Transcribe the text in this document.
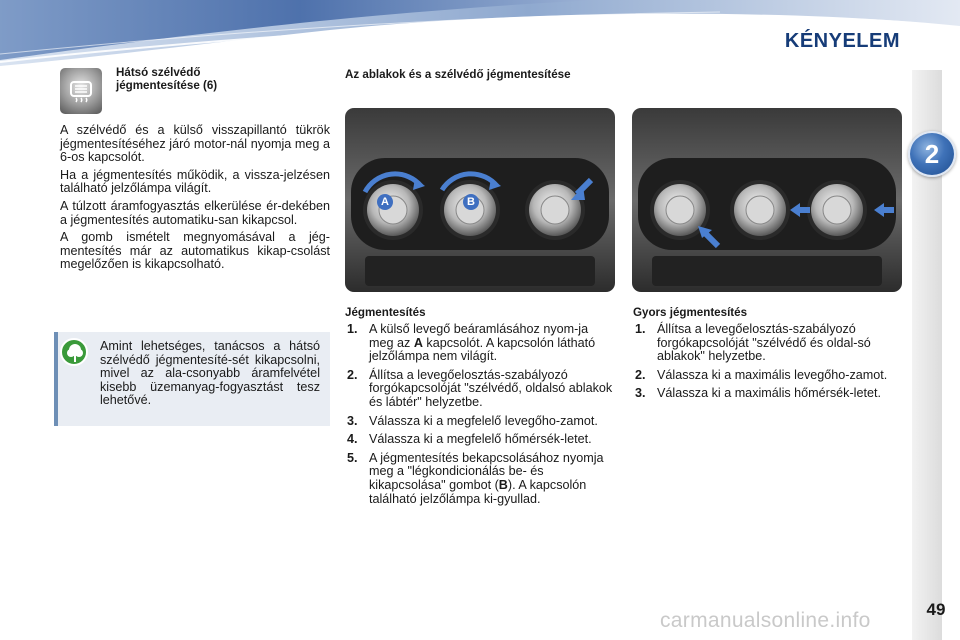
KÉNYELEM
2
49
Hátsó szélvédő
jégmentesítése (6)

A szélvédő és a külső visszapillantó tükrök jégmentesítéséhez járó motor-nál nyomja meg a 6-os kapcsolót.

Ha a jégmentesítés működik, a vissza-jelzésen található jelzőlámpa világít.

A túlzott áramfogyasztás elkerülése ér-dekében a jégmentesítés automatiku-san kikapcsol.

A gomb ismételt megnyomásával a jég-mentesítés már az automatikus kikap-csolást megelőzően is kikapcsolható.

Amint lehetséges, tanácsos a hátsó szélvédő jégmentesíté-sét kikapcsolni, mivel az ala-csonyabb áramfelvétel kisebb üzemanyag-fogyasztást tesz lehetővé.
Az ablakok és a szélvédő jégmentesítése
A	B
Jégmentesítés
1. A külső levegő beáramlásához nyom-ja meg az A kapcsolót. A kapcsolón látható jelzőlámpa nem világít.
2. Állítsa a levegőelosztás-szabályozó forgókapcsolóját "szélvédő, oldalsó ablakok és lábtér" helyzetbe.
3. Válassza ki a megfelelő levegőho-zamot.
4. Válassza ki a megfelelő hőmérsék-letet.
5. A jégmentesítés bekapcsolásához nyomja meg a "légkondicionálás be- és kikapcsolása" gombot (B). A kapcsolón található jelzőlámpa ki-gyullad.
Gyors jégmentesítés
1. Állítsa a levegőelosztás-szabályozó forgókapcsolóját "szélvédő és oldal-só ablakok" helyzetbe.
2. Válassza ki a maximális levegőho-zamot.
3. Válassza ki a maximális hőmérsék-letet.
carmanualsonline.info
